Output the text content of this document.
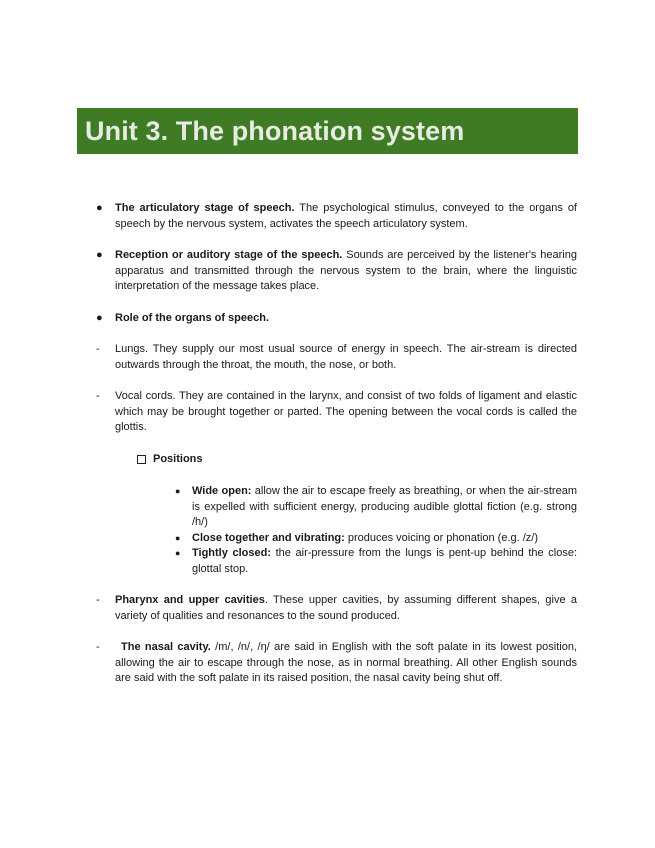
Unit 3. The phonation system
● The articulatory stage of speech. The psychological stimulus, conveyed to the organs of speech by the nervous system, activates the speech articulatory system.
● Reception or auditory stage of the speech. Sounds are perceived by the listener's hearing apparatus and transmitted through the nervous system to the brain, where the linguistic interpretation of the message takes place.
● Role of the organs of speech.
- Lungs. They supply our most usual source of energy in speech. The air-stream is directed outwards through the throat, the mouth, the nose, or both.
- Vocal cords. They are contained in the larynx, and consist of two folds of ligament and elastic which may be brought together or parted. The opening between the vocal cords is called the glottis.
Positions
● Wide open: allow the air to escape freely as breathing, or when the air-stream is expelled with sufficient energy, producing audible glottal fiction (e.g. strong /h/)
● Close together and vibrating: produces voicing or phonation (e.g. /z/)
● Tightly closed: the air-pressure from the lungs is pent-up behind the close: glottal stop.
- Pharynx and upper cavities. These upper cavities, by assuming different shapes, give a variety of qualities and resonances to the sound produced.
-	The nasal cavity. /m/, /n/, /ŋ/ are said in English with the soft palate in its lowest position, allowing the air to escape through the nose, as in normal breathing. All other English sounds are said with the soft palate in its raised position, the nasal cavity being shut off.
